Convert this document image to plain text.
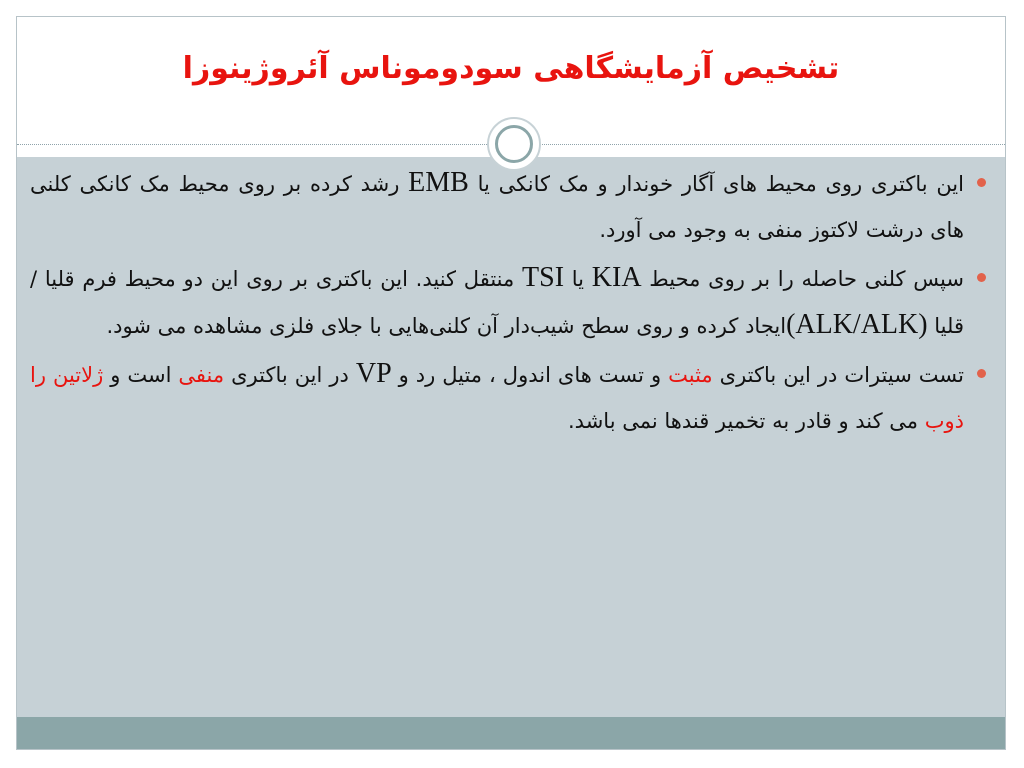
تشخیص آزمایشگاهی سودوموناس آئروژینوزا
این باکتری روی محیط های آگار خوندار و مک کانکی یا EMB رشد کرده بر روی محیط مک کانکی کلنی های درشت لاکتوز منفی به وجود می آورد.
سپس کلنی حاصله را بر روی محیط KIA یا TSI منتقل کنید. این باکتری بر روی این دو محیط فرم قلیا /قلیا (ALK/ALK)ایجاد کرده و روی سطح شیب‌دار آن کلنی‌هایی با جلای فلزی مشاهده می شود.
تست سیترات در این باکتری مثبت و تست های اندول ، متیل رد و VP در این باکتری منفی است و ژلاتین را ذوب می کند و قادر به تخمیر قندها نمی باشد.
